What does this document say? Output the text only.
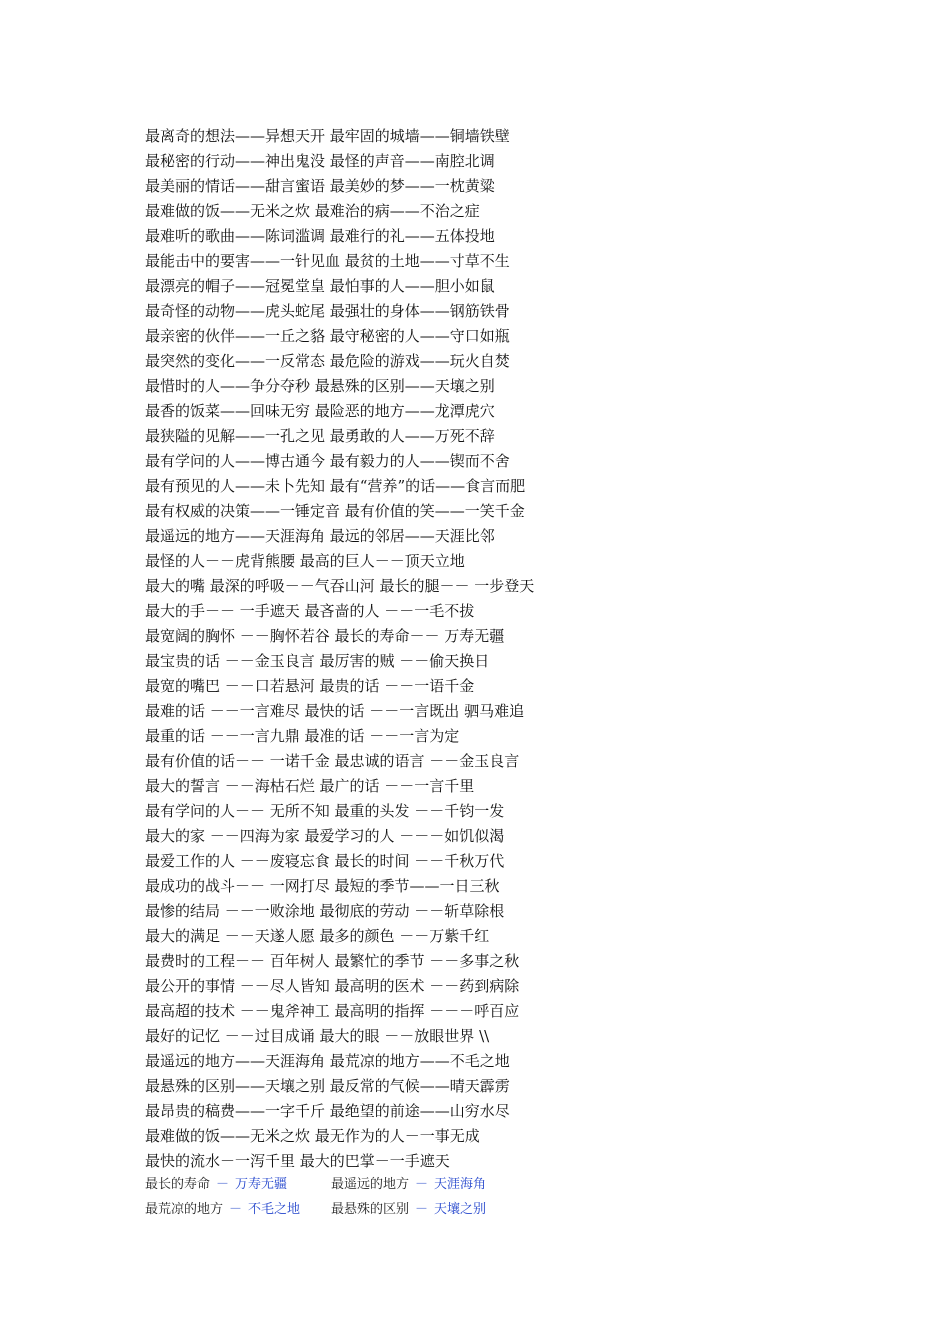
最离奇的想法——异想天开 最牢固的城墙——铜墙铁壁
最秘密的行动——神出鬼没 最怪的声音——南腔北调
最美丽的情话——甜言蜜语 最美妙的梦——一枕黄粱
最难做的饭——无米之炊 最难治的病——不治之症
最难听的歌曲——陈词滥调 最难行的礼——五体投地
最能击中的要害——一针见血 最贫的土地——寸草不生
最漂亮的帽子——冠冕堂皇 最怕事的人——胆小如鼠
最奇怪的动物——虎头蛇尾 最强壮的身体——钢筋铁骨
最亲密的伙伴——一丘之貉 最守秘密的人——守口如瓶
最突然的变化——一反常态 最危险的游戏——玩火自焚
最惜时的人——争分夺秒 最悬殊的区别——天壤之别
最香的饭菜——回味无穷 最险恶的地方——龙潭虎穴
最狭隘的见解——一孔之见 最勇敢的人——万死不辞
最有学问的人——博古通今 最有毅力的人——锲而不舍
最有预见的人——未卜先知 最有“营养”的话——食言而肥
最有权威的决策——一锤定音 最有价值的笑——一笑千金
最遥远的地方——天涯海角 最远的邻居——天涯比邻
最怪的人－－虎背熊腰 最高的巨人－－顶天立地
最大的嘴 最深的呼吸－－气吞山河 最长的腿－－ 一步登天
最大的手－－ 一手遮天 最吝啬的人 －－一毛不拔
最宽阔的胸怀 －－胸怀若谷 最长的寿命－－ 万寿无疆
最宝贵的话 －－金玉良言 最厉害的贼 －－偷天换日
最宽的嘴巴 －－口若悬河 最贵的话 －－一语千金
最难的话 －－一言难尽 最快的话 －－一言既出 驷马难追
最重的话 －－一言九鼎 最准的话 －－一言为定
最有价值的话－－ 一诺千金 最忠诚的语言 －－金玉良言
最大的誓言 －－海枯石烂 最广的话 －－一言千里
最有学问的人－－ 无所不知 最重的头发 －－千钧一发
最大的家 －－四海为家 最爱学习的人 －－－如饥似渴
最爱工作的人 －－废寝忘食 最长的时间 －－千秋万代
最成功的战斗－－ 一网打尽 最短的季节——一日三秋
最惨的结局 －－一败涂地 最彻底的劳动 －－斩草除根
最大的满足 －－天遂人愿 最多的颜色 －－万紫千红
最费时的工程－－ 百年树人 最繁忙的季节 －－多事之秋
最公开的事情 －－尽人皆知 最高明的医术 －－药到病除
最高超的技术 －－鬼斧神工 最高明的指挥 －－－呼百应
最好的记忆 －－过目成诵 最大的眼 －－放眼世界 \\
最遥远的地方——天涯海角 最荒凉的地方——不毛之地
最悬殊的区别——天壤之别 最反常的气候——晴天霹雳
最昂贵的稿费——一字千斤 最绝望的前途——山穷水尽
最难做的饭——无米之炊 最无作为的人－一事无成
最快的流水－一泻千里 最大的巴掌－一手遮天
最长的寿命 － 万寿无疆	最遥远的地方 － 天涯海角
最荒凉的地方 － 不毛之地 最悬殊的区别 － 天壤之别
